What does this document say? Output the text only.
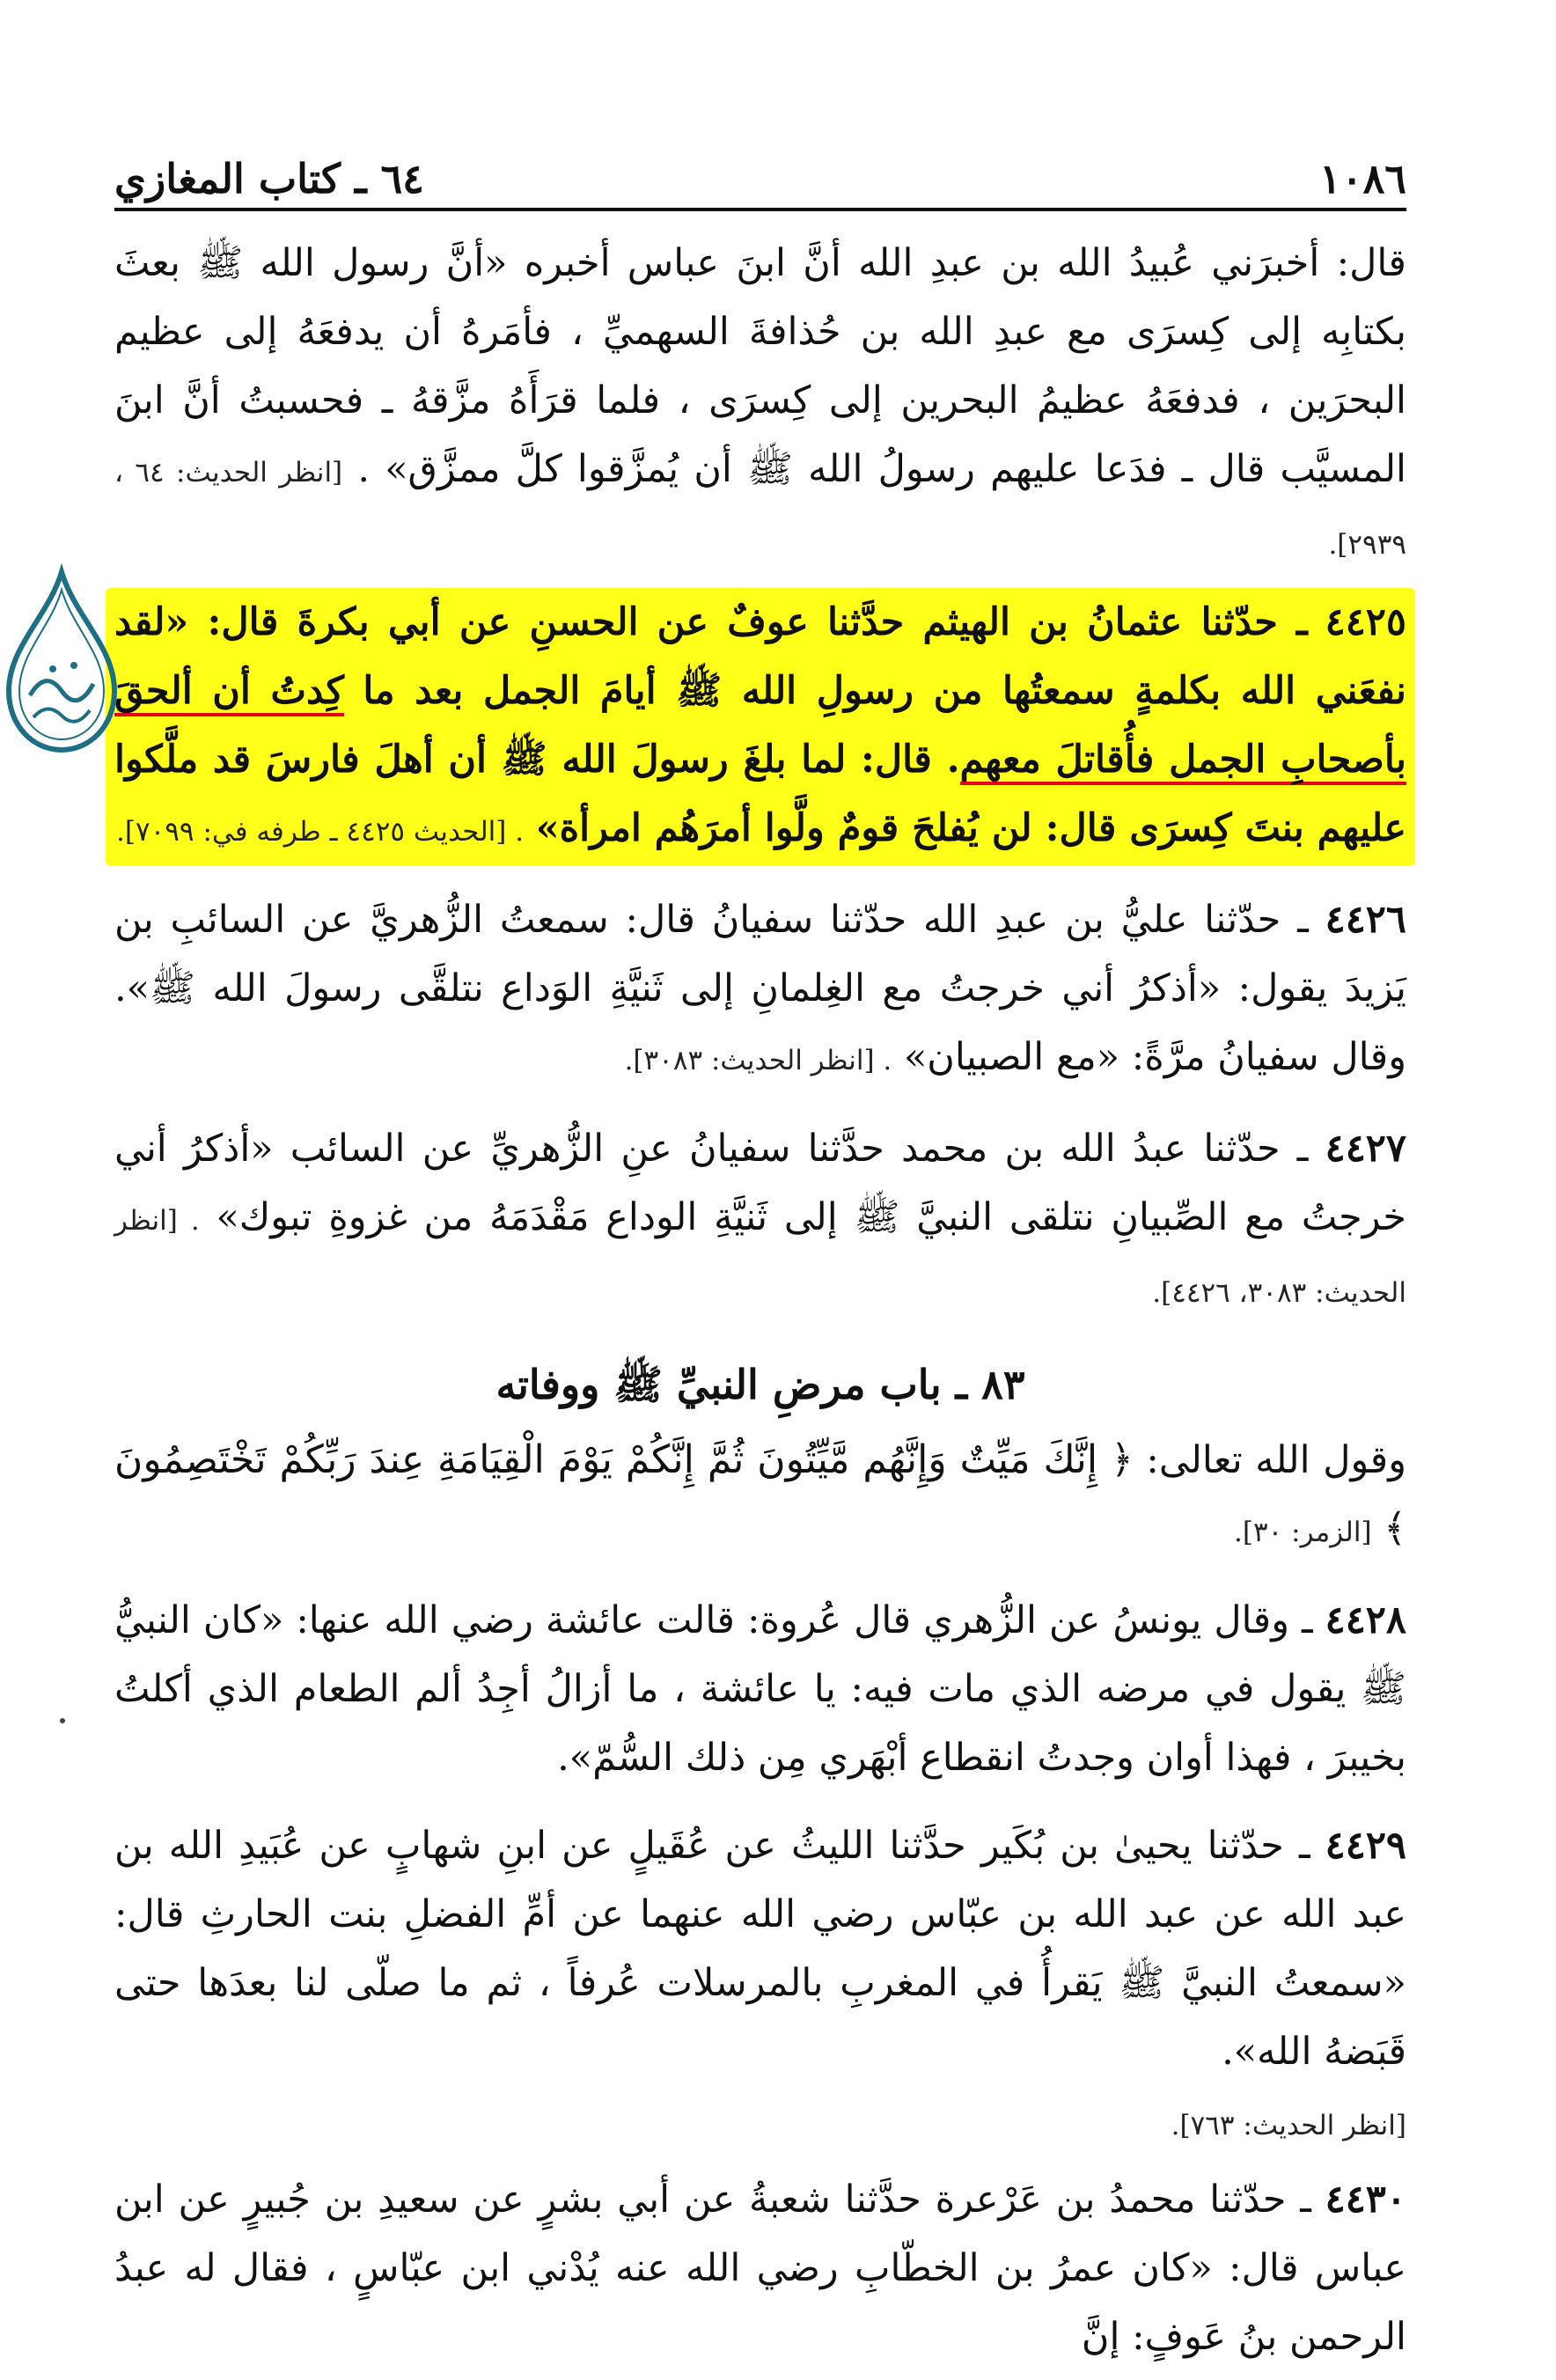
١٠٨٦
٦٤ ـ كتاب المغازي

قال: أخبرَني عُبيدُ الله بن عبدِ الله أنَّ ابنَ عباس أخبره «أنَّ رسول الله ﷺ بعثَ بكتابِه إلى كِسرَى مع عبدِ الله بن حُذافةَ السهميِّ ، فأمَرهُ أن يدفعَهُ إلى عظيم البحرَين ، فدفعَهُ عظيمُ البحرين إلى كِسرَى ، فلما قرَأَهُ مزَّقهُ ـ فحسبتُ أنَّ ابنَ المسيَّب قال ـ فدَعا عليهم رسولُ الله ﷺ أن يُمزَّقوا كلَّ ممزَّق» . [انظر الحديث: ٦٤ ، ٢٩٣٩].

٤٤٢٥ ـ حدّثنا عثمانُ بن الهيثم حدَّثنا عوفٌ عن الحسنِ عن أبي بكرةَ قال: «لقد نفعَني الله بكلمةٍ سمعتُها من رسولِ الله ﷺ أيامَ الجمل بعد ما كِدتُ أن ألحقَ بأصحابِ الجمل فأُقاتلَ معهم. قال: لما بلغَ رسولَ الله ﷺ أن أهلَ فارسَ قد ملَّكوا عليهم بنتَ كِسرَى قال: لن يُفلحَ قومٌ ولَّوا أمرَهُم امرأة» . [الحديث ٤٤٢٥ ـ طرفه في: ٧٠٩٩].

٤٤٢٦ ـ حدّثنا عليُّ بن عبدِ الله حدّثنا سفيانُ قال: سمعتُ الزُّهريَّ عن السائبِ بن يَزيدَ يقول: «أذكرُ أني خرجتُ مع الغِلمانِ إلى ثَنيَّةِ الوَداع نتلقَّى رسولَ الله ﷺ». وقال سفيانُ مرَّةً: «مع الصبيان» . [انظر الحديث: ٣٠٨٣].

٤٤٢٧ ـ حدّثنا عبدُ الله بن محمد حدَّثنا سفيانُ عنِ الزُّهريِّ عن السائب «أذكرُ أني خرجتُ مع الصِّبيانِ نتلقى النبيَّ ﷺ إلى ثَنيَّةِ الوداع مَقْدَمَهُ من غزوةِ تبوك» . [انظر الحديث: ٣٠٨٣، ٤٤٢٦].

٨٣ ـ باب مرضِ النبيِّ ﷺ ووفاته

وقول الله تعالى: ﴿ إِنَّكَ مَيِّتٌ وَإِنَّهُم مَّيِّتُونَ ثُمَّ إِنَّكُمْ يَوْمَ الْقِيَامَةِ عِندَ رَبِّكُمْ تَخْتَصِمُونَ ﴾ [الزمر: ٣٠].

٤٤٢٨ ـ وقال يونسُ عن الزُّهري قال عُروة: قالت عائشة رضي الله عنها: «كان النبيُّ ﷺ يقول في مرضه الذي مات فيه: يا عائشة ، ما أزالُ أجِدُ ألم الطعام الذي أكلتُ بخيبرَ ، فهذا أوان وجدتُ انقطاع أبْهَري مِن ذلك السُّمّ».

٤٤٢٩ ـ حدّثنا يحيىٰ بن بُكَير حدَّثنا الليثُ عن عُقَيلٍ عن ابنِ شهابٍ عن عُبَيدِ الله بن عبد الله عن عبد الله بن عبّاس رضي الله عنهما عن أمِّ الفضلِ بنت الحارثِ قال: «سمعتُ النبيَّ ﷺ يَقرأُ في المغربِ بالمرسلات عُرفاً ، ثم ما صلّى لنا بعدَها حتى قَبَضهُ الله».

[انظر الحديث: ٧٦٣].

٤٤٣٠ ـ حدّثنا محمدُ بن عَرْعرة حدَّثنا شعبةُ عن أبي بشرٍ عن سعيدِ بن جُبيرٍ عن ابن عباس قال: «كان عمرُ بن الخطّابِ رضي الله عنه يُدْني ابن عبّاسٍ ، فقال له عبدُ الرحمن بنُ عَوفٍ: إنَّ
